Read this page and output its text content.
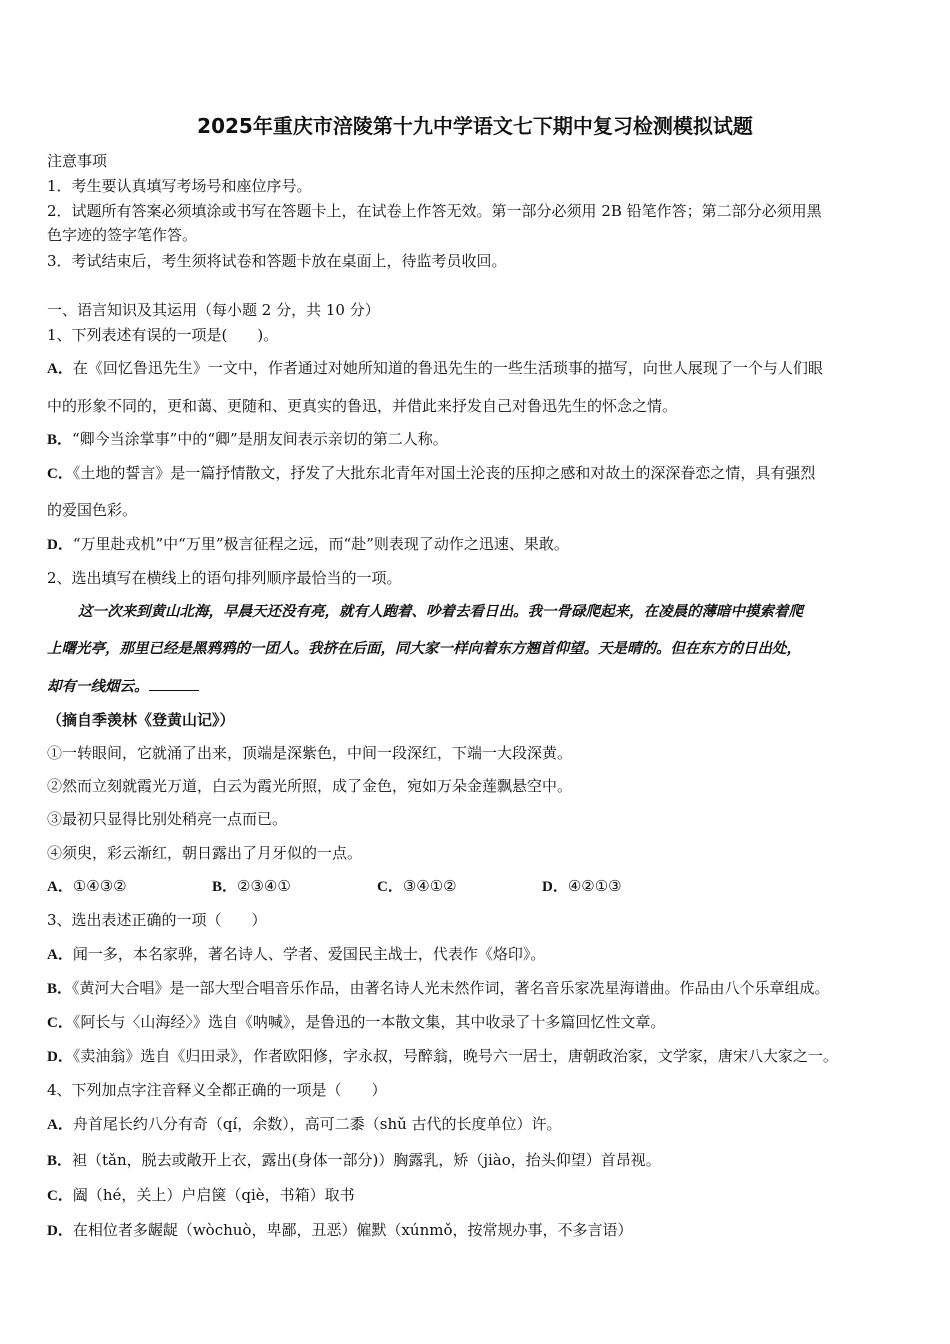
2025年重庆市涪陵第十九中学语文七下期中复习检测模拟试题
注意事项
1．考生要认真填写考场号和座位序号。
2．试题所有答案必须填涂或书写在答题卡上，在试卷上作答无效。第一部分必须用 2B 铅笔作答；第二部分必须用黑
色字迹的签字笔作答。
3．考试结束后，考生须将试卷和答题卡放在桌面上，待监考员收回。
一、语言知识及其运用（每小题 2 分，共 10 分）
1、下列表述有误的一项是(　　)。
A．在《回忆鲁迅先生》一文中，作者通过对她所知道的鲁迅先生的一些生活琐事的描写，向世人展现了一个与人们眼
中的形象不同的，更和蔼、更随和、更真实的鲁迅，并借此来抒发自己对鲁迅先生的怀念之情。
B．“卿今当涂掌事”中的“卿”是朋友间表示亲切的第二人称。
C．《土地的誓言》是一篇抒情散文，抒发了大批东北青年对国土沦丧的压抑之感和对故土的深深眷恋之情，具有强烈
的爱国色彩。
D．“万里赴戎机”中“万里”极言征程之远，而“赴”则表现了动作之迅速、果敢。
2、选出填写在横线上的语句排列顺序最恰当的一项。
这一次来到黄山北海，早晨天还没有亮，就有人跑着、吵着去看日出。我一骨碌爬起来，在凌晨的薄暗中摸索着爬
上曙光亭，那里已经是黑鸦鸦的一团人。我挤在后面，同大家一样向着东方翘首仰望。天是晴的。但在东方的日出处，
却有一线烟云。
（摘自季羡林《登黄山记》）
①一转眼间，它就涌了出来，顶端是深紫色，中间一段深红，下端一大段深黄。
②然而立刻就霞光万道，白云为霞光所照，成了金色，宛如万朵金莲飘悬空中。
③最初只显得比别处稍亮一点而已。
④须臾，彩云渐红，朝日露出了月牙似的一点。
A．①④③②	B．②③④①	C．③④①②	D．④②①③
3、选出表述正确的一项（　　）
A．闻一多，本名家骅，著名诗人、学者、爱国民主战士，代表作《烙印》。
B．《黄河大合唱》是一部大型合唱音乐作品，由著名诗人光未然作词，著名音乐家冼星海谱曲。作品由八个乐章组成。
C．《阿长与〈山海经〉》选自《呐喊》，是鲁迅的一本散文集，其中收录了十多篇回忆性文章。
D．《卖油翁》选自《归田录》，作者欧阳修，字永叔，号醉翁，晚号六一居士，唐朝政治家，文学家，唐宋八大家之一。
4、下列加点字注音释义全都正确的一项是（　　）
A．舟首尾长约八分有奇（qí，余数），高可二黍（shǔ 古代的长度单位）许。
B．袒（tǎn，脱去或敞开上衣，露出(身体一部分)）胸露乳，矫（jiào，抬头仰望）首昂视。
C．阖（hé，关上）户启箧（qiè，书箱）取书
D．在相位者多龌龊（wòchuò，卑鄙，丑恶）僱默（xúnmǒ，按常规办事，不多言语）
